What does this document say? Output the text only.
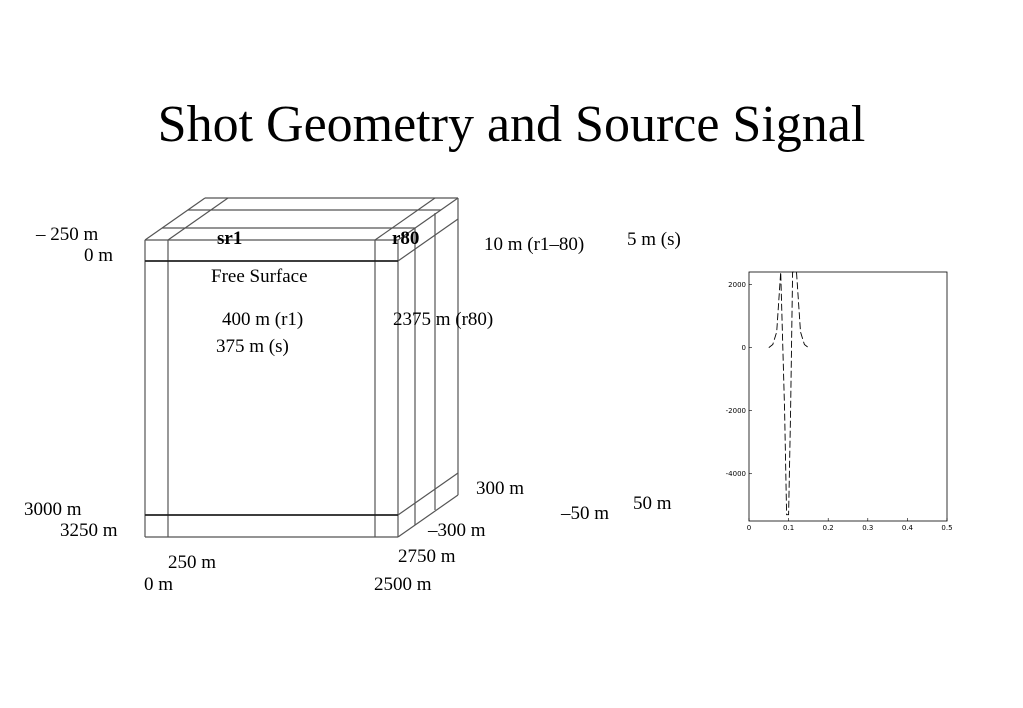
Shot Geometry and Source Signal
– 250 m
0 m
sr1	r80	10 m (r1–80) 5 m (s)
Free Surface
400 m (r1)
375 m (s)
2375 m (r80)
3000 m
3250 m
300 m
–300 m
–50 m 50 m
250 m
0 m
2750 m
2500 m
0	0.1	0.2	0.3	0.4	0.5
2000
0
-2000
-4000
